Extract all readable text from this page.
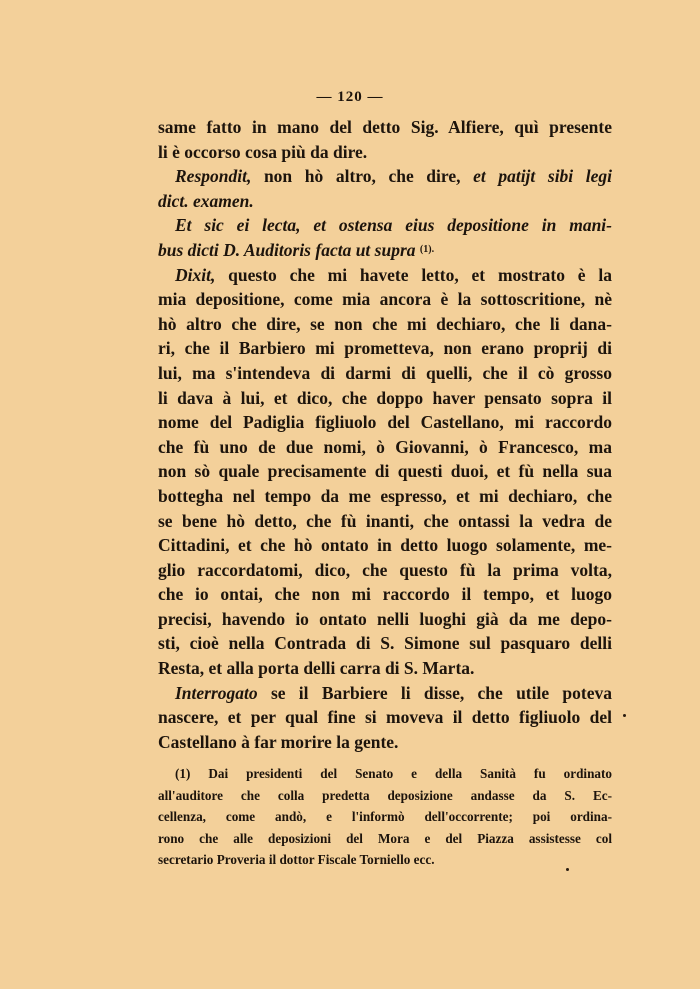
— 120 —
same fatto in mano del detto Sig. Alfiere, quì presente
li è occorso cosa più da dire.
Respondit, non hò altro, che dire, et patijt sibi legi
dict. examen.
Et sic ei lecta, et ostensa eius depositione in mani-
bus dicti D. Auditoris facta ut supra $^{(1).}$
Dixit, questo che mi havete letto, et mostrato è la
mia depositione, come mia ancora è la sottoscritione, nè
hò altro che dire, se non che mi dechiaro, che li dana-
ri, che il Barbiero mi prometteva, non erano proprij di
lui, ma s'intendeva di darmi di quelli, che il cò grosso
li dava à lui, et dico, che doppo haver pensato sopra il
nome del Padiglia figliuolo del Castellano, mi raccordo
che fù uno de due nomi, ò Giovanni, ò Francesco, ma
non sò quale precisamente di questi duoi, et fù nella sua
bottegha nel tempo da me espresso, et mi dechiaro, che
se bene hò detto, che fù inanti, che ontassi la vedra de
Cittadini, et che hò ontato in detto luogo solamente, me-
glio raccordatomi, dico, che questo fù la prima volta,
che io ontai, che non mi raccordo il tempo, et luogo
precisi, havendo io ontato nelli luoghi già da me depo-
sti, cioè nella Contrada di S. Simone sul pasquaro delli
Resta, et alla porta delli carra di S. Marta.
Interrogato se il Barbiere li disse, che utile poteva
nascere, et per qual fine si moveva il detto figliuolo del
Castellano à far morire la gente.
(1) Dai presidenti del Senato e della Sanità fu ordinato
all'auditore che colla predetta deposizione andasse da S. Ec-
cellenza, come andò, e l'informò dell'occorrente; poi ordina-
rono che alle deposizioni del Mora e del Piazza assistesse col
secretario Proveria il dottor Fiscale Torniello ecc.
